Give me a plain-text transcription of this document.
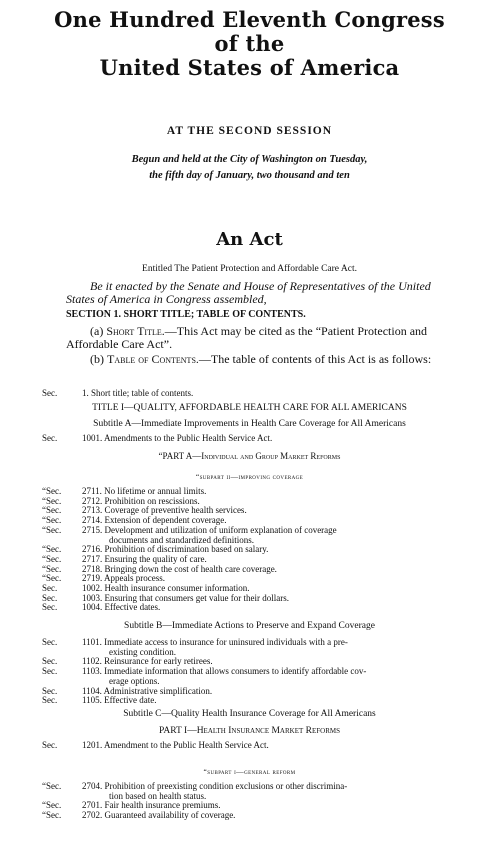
One Hundred Eleventh Congress
of the
United States of America
AT THE SECOND SESSION
Begun and held at the City of Washington on Tuesday,
the fifth day of January, two thousand and ten
An Act
Entitled The Patient Protection and Affordable Care Act.

Be it enacted by the Senate and House of Representatives of the United States of America in Congress assembled,

SECTION 1. SHORT TITLE; TABLE OF CONTENTS.

(a) Short Title.—This Act may be cited as the “Patient Protection and Affordable Care Act”.

(b) Table of Contents.—The table of contents of this Act is as follows:

Sec.	1. Short title; table of contents.
TITLE I—QUALITY, AFFORDABLE HEALTH CARE FOR ALL AMERICANS
Subtitle A—Immediate Improvements in Health Care Coverage for All Americans
Sec.	1001. Amendments to the Public Health Service Act.
“PART A—Individual and Group Market Reforms
“subpart ii—improving coverage
“Sec. 2711. No lifetime or annual limits.
“Sec. 2712. Prohibition on rescissions.
“Sec. 2713. Coverage of preventive health services.
“Sec. 2714. Extension of dependent coverage.
“Sec. 2715. Development and utilization of uniform explanation of coverage
documents and standardized definitions.
“Sec. 2716. Prohibition of discrimination based on salary.
“Sec. 2717. Ensuring the quality of care.
“Sec. 2718. Bringing down the cost of health care coverage.
“Sec. 2719. Appeals process.
Sec.	1002. Health insurance consumer information.
Sec.	1003. Ensuring that consumers get value for their dollars.
Sec.	1004. Effective dates.
Subtitle B—Immediate Actions to Preserve and Expand Coverage
Sec.	1101. Immediate access to insurance for uninsured individuals with a pre-
existing condition.
Sec.	1102. Reinsurance for early retirees.
Sec.	1103. Immediate information that allows consumers to identify affordable cov-
erage options.
Sec.	1104. Administrative simplification.
Sec.	1105. Effective date.
Subtitle C—Quality Health Insurance Coverage for All Americans
PART I—Health Insurance Market Reforms
Sec.	1201. Amendment to the Public Health Service Act.
“subpart i—general reform
“Sec. 2704. Prohibition of preexisting condition exclusions or other discrimina-
tion based on health status.
“Sec. 2701. Fair health insurance premiums.
“Sec. 2702. Guaranteed availability of coverage.
